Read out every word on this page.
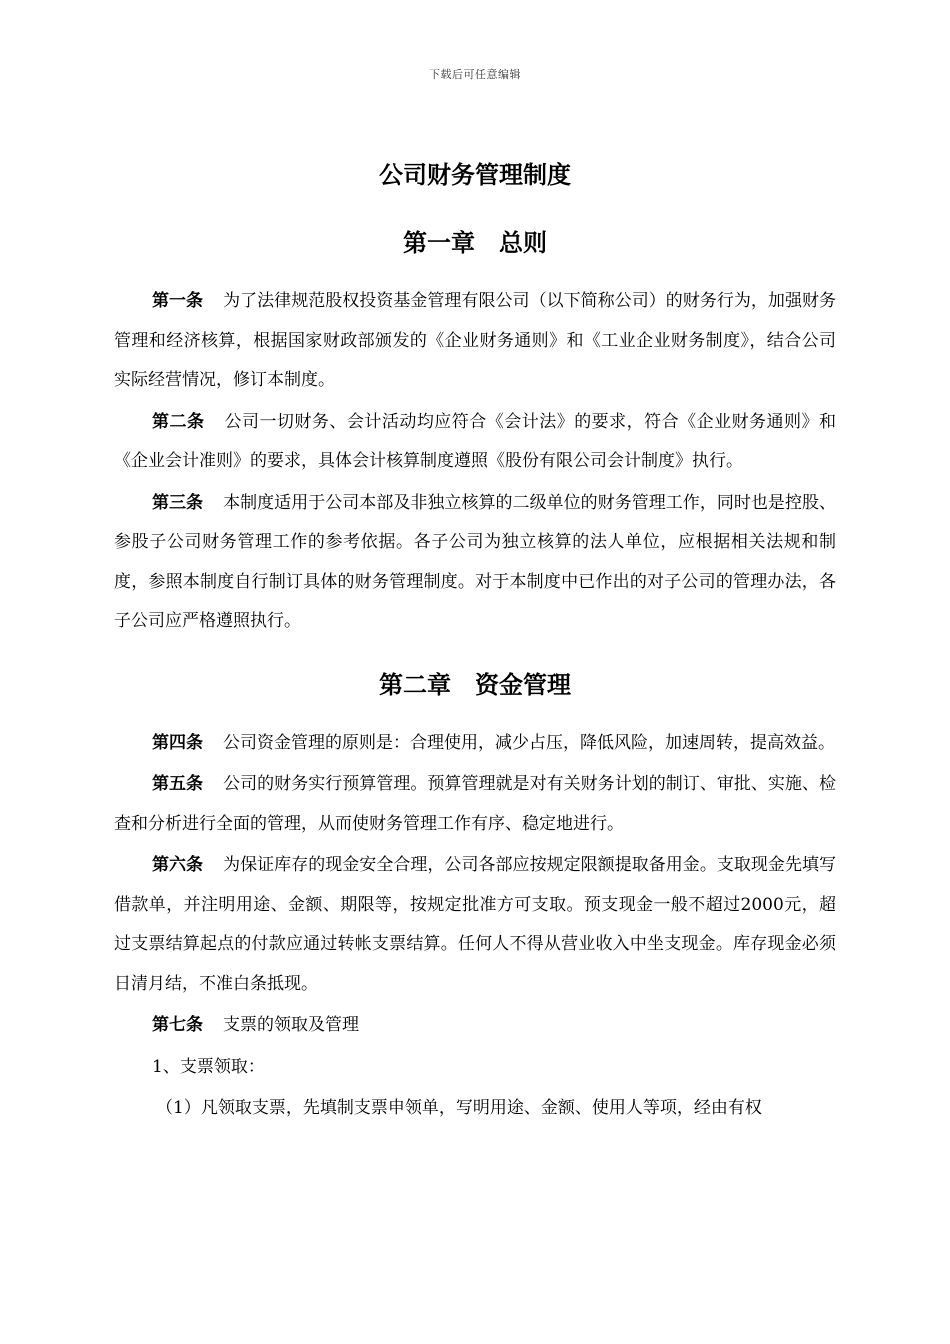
下载后可任意编辑
公司财务管理制度
第一章　总则

第一条 为了法律规范股权投资基金管理有限公司（以下简称公司）的财务行为，加强财务管理和经济核算，根据国家财政部颁发的《企业财务通则》和《工业企业财务制度》，结合公司实际经营情况，修订本制度。

第二条 公司一切财务、会计活动均应符合《会计法》的要求，符合《企业财务通则》和《企业会计准则》的要求，具体会计核算制度遵照《股份有限公司会计制度》执行。

第三条 本制度适用于公司本部及非独立核算的二级单位的财务管理工作，同时也是控股、参股子公司财务管理工作的参考依据。各子公司为独立核算的法人单位，应根据相关法规和制度，参照本制度自行制订具体的财务管理制度。对于本制度中已作出的对子公司的管理办法，各子公司应严格遵照执行。

第二章　资金管理

第四条 公司资金管理的原则是：合理使用，减少占压，降低风险，加速周转，提高效益。

第五条 公司的财务实行预算管理。预算管理就是对有关财务计划的制订、审批、实施、检查和分析进行全面的管理，从而使财务管理工作有序、稳定地进行。

第六条 为保证库存的现金安全合理，公司各部应按规定限额提取备用金。支取现金先填写借款单，并注明用途、金额、期限等，按规定批准方可支取。预支现金一般不超过2000元，超过支票结算起点的付款应通过转帐支票结算。任何人不得从营业收入中坐支现金。库存现金必须日清月结，不准白条抵现。

第七条 支票的领取及管理

1、支票领取：

（1）凡领取支票，先填制支票申领单，写明用途、金额、使用人等项，经由有权
